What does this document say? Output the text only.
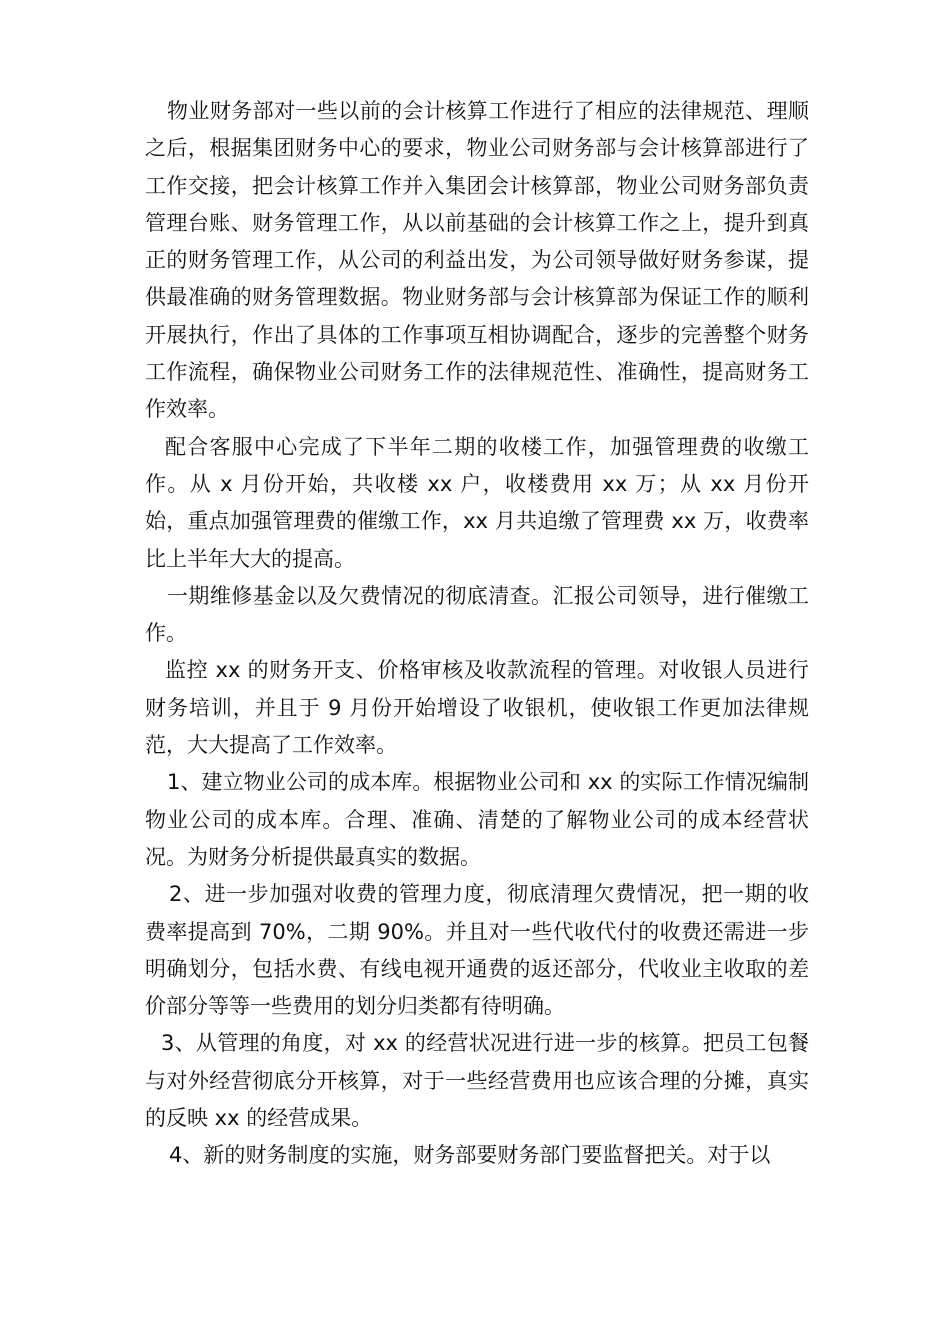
物业财务部对一些以前的会计核算工作进行了相应的法律规范、理顺之后，根据集团财务中心的要求，物业公司财务部与会计核算部进行了工作交接，把会计核算工作并入集团会计核算部，物业公司财务部负责管理台账、财务管理工作，从以前基础的会计核算工作之上，提升到真正的财务管理工作，从公司的利益出发，为公司领导做好财务参谋，提供最准确的财务管理数据。物业财务部与会计核算部为保证工作的顺利开展执行，作出了具体的工作事项互相协调配合，逐步的完善整个财务工作流程，确保物业公司财务工作的法律规范性、准确性，提高财务工作效率。

配合客服中心完成了下半年二期的收楼工作，加强管理费的收缴工作。从 x 月份开始，共收楼 xx 户，收楼费用 xx 万；从 xx 月份开始，重点加强管理费的催缴工作，xx 月共追缴了管理费 xx 万，收费率比上半年大大的提高。

一期维修基金以及欠费情况的彻底清查。汇报公司领导，进行催缴工作。

监控 xx 的财务开支、价格审核及收款流程的管理。对收银人员进行财务培训，并且于 9 月份开始增设了收银机，使收银工作更加法律规范，大大提高了工作效率。

1、建立物业公司的成本库。根据物业公司和 xx 的实际工作情况编制物业公司的成本库。合理、准确、清楚的了解物业公司的成本经营状况。为财务分析提供最真实的数据。

2、进一步加强对收费的管理力度，彻底清理欠费情况，把一期的收费率提高到 70%，二期 90%。并且对一些代收代付的收费还需进一步明确划分，包括水费、有线电视开通费的返还部分，代收业主收取的差价部分等等一些费用的划分归类都有待明确。

3、从管理的角度，对 xx 的经营状况进行进一步的核算。把员工包餐与对外经营彻底分开核算，对于一些经营费用也应该合理的分摊，真实的反映 xx 的经营成果。

4、新的财务制度的实施，财务部要财务部门要监督把关。对于以
